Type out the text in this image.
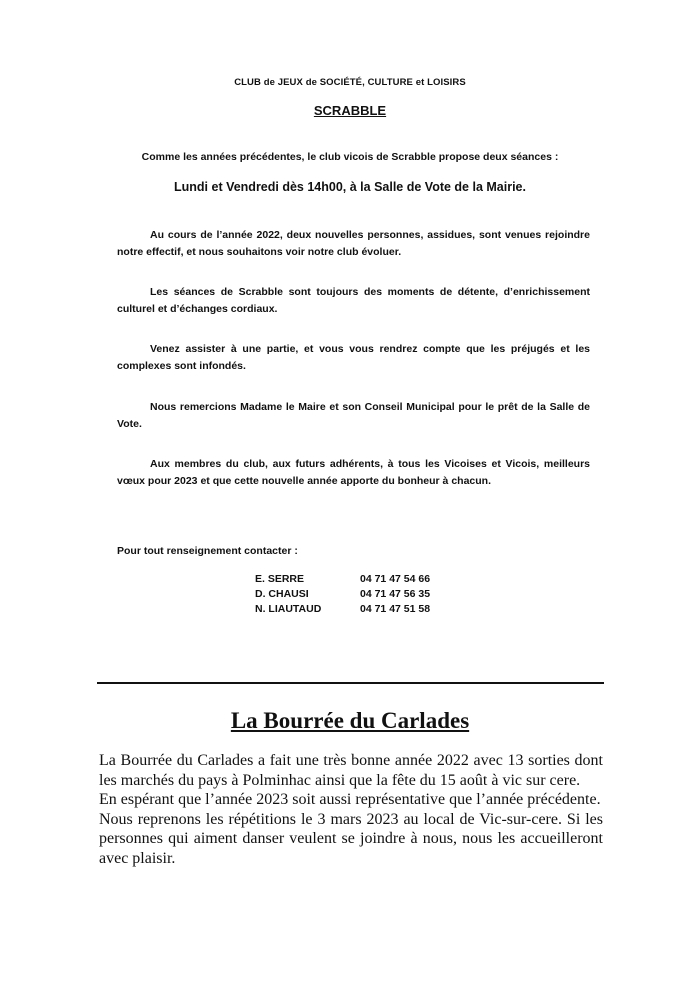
CLUB de JEUX de SOCIÉTÉ, CULTURE et LOISIRS
SCRABBLE
Comme les années précédentes, le club vicois de Scrabble propose deux séances :
Lundi et Vendredi dès 14h00, à la Salle de Vote de la Mairie.
Au cours de l’année 2022, deux nouvelles personnes, assidues, sont venues rejoindre notre effectif, et nous souhaitons voir notre club évoluer.
Les séances de Scrabble sont toujours des moments de détente, d’enrichissement culturel et d’échanges cordiaux.
Venez assister à une partie, et vous vous rendrez compte que les préjugés et les complexes sont infondés.
Nous remercions Madame le Maire et son Conseil Municipal pour le prêt de la Salle de Vote.
Aux membres du club, aux futurs adhérents, à tous les Vicoises et Vicois, meilleurs vœux pour 2023 et que cette nouvelle année apporte du bonheur à chacun.
Pour tout renseignement contacter :
E. SERRE	04 71 47 54 66
D. CHAUSI	04 71 47 56 35
N. LIAUTAUD	04 71 47 51 58
La Bourrée du Carlades

La Bourrée du Carlades a fait une très bonne année 2022 avec 13 sorties dont les marchés du pays à Polminhac ainsi que la fête du 15 août à vic sur cere.

En espérant que l’année 2023 soit aussi représentative que l’année précédente.

Nous reprenons les répétitions le 3 mars 2023 au local de Vic-sur-cere. Si les personnes qui aiment danser veulent se joindre à nous, nous les accueilleront avec plaisir.
